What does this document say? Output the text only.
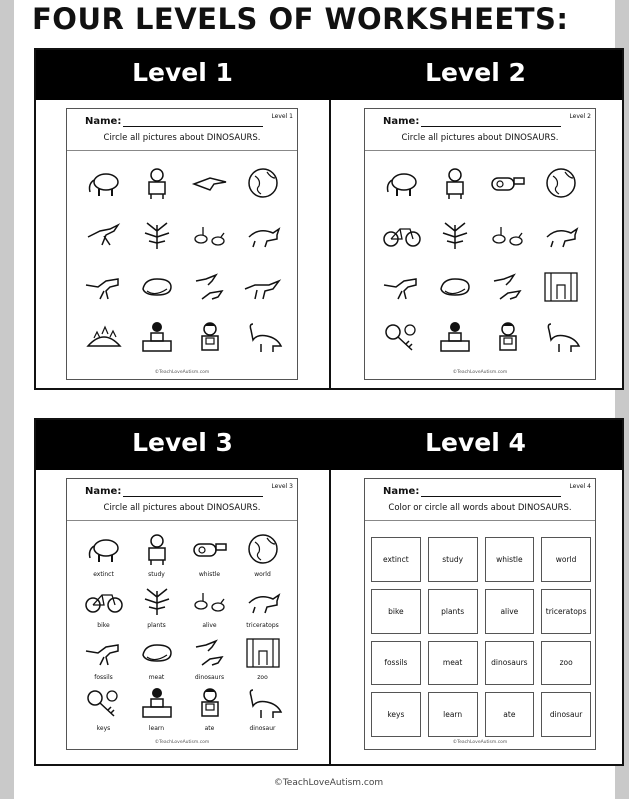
FOUR LEVELS OF WORKSHEETS:
Level 1	Level 2
Name:	Level 1
Circle all pictures about DINOSAURS.
©TeachLoveAutism.com
Name:	Level 2
Circle all pictures about DINOSAURS.
©TeachLoveAutism.com
Level 3	Level 4
Name:	Level 3
Circle all pictures about DINOSAURS.
extinct	study	whistle	world
bike	plants	alive	triceratops
fossils	meat	dinosaurs	zoo
keys	learn	ate	dinosaur
©TeachLoveAutism.com
Name:	Level 4
Color or circle all words about DINOSAURS.
extinct	study	whistle	world
bike	plants	alive	triceratops
fossils	meat	dinosaurs	zoo
keys	learn	ate	dinosaur
©TeachLoveAutism.com
©TeachLoveAutism.com
